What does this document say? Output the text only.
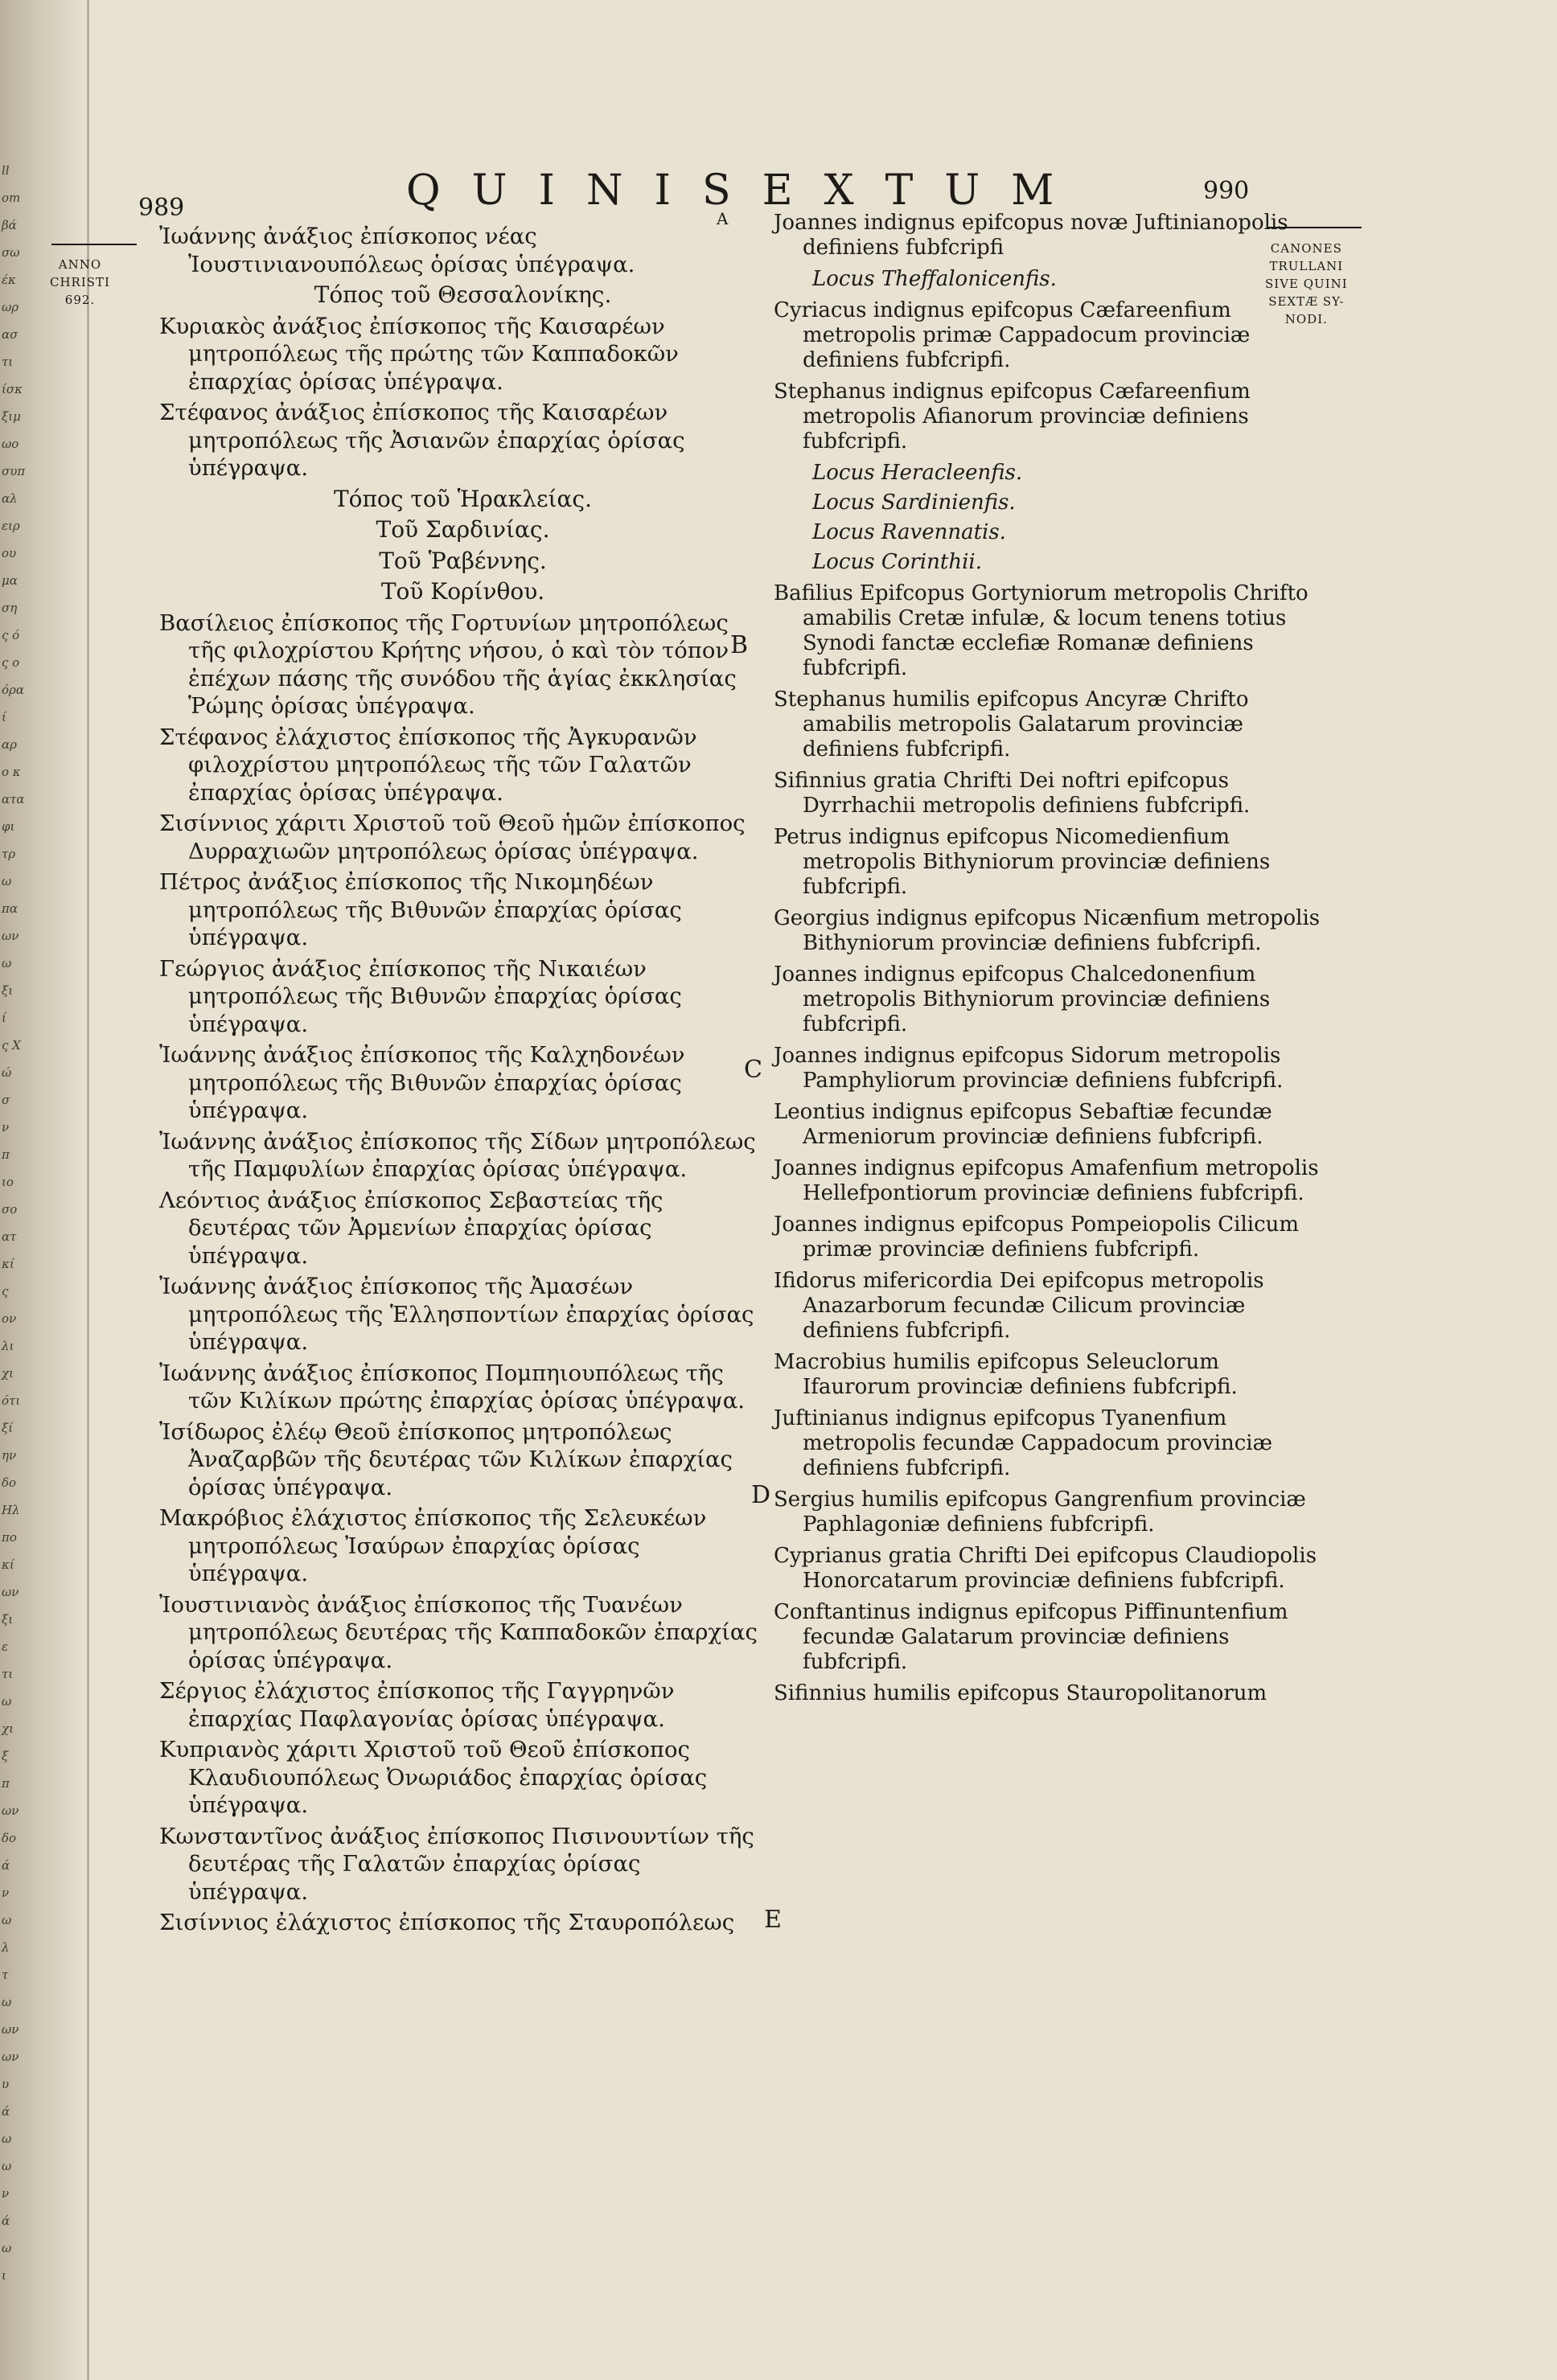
ll
om
βά
σω
έκ
ωρ
ασ
τι
ίσκ
ξιμ
ωο
συπ
αλ
ειρ
ου
μα
ση
ς ό
ς ο
όρα
ί
αρ
ο κ
ατα
φι
τρ
ω
πα
ων
ω
ξι
ί
ς Χ
ώ
σ
ν
π
ιο
σο
ατ
κί
ς
ον
λι
χι
ότι
ξί
ην
δο
Ηλ
πο
κί
ων
ξι
ε
τι
ω
χι
ξ
π
ων
δο
ά
ν
ω
λ
τ
ω
ων
ων
υ
ά
ω
ω
ν
ά
ω
ι
989	QUINISEXTUM	990
ANNO
CHRISTI
692.
CANONES
TRULLANI
SIVE QUINI
SEXTÆ SY-
NODI.
A
B
C
D
E

Ἰωάννης ἀνάξιος ἐπίσκοπος νέας Ἰουστινιανουπόλεως ὁρίσας ὑπέγραψα.

Τόπος τοῦ Θεσσαλονίκης.

Κυριακὸς ἀνάξιος ἐπίσκοπος τῆς Καισαρέων μητροπόλεως τῆς πρώτης τῶν Καππαδοκῶν ἐπαρχίας ὁρίσας ὑπέγραψα.

Στέφανος ἀνάξιος ἐπίσκοπος τῆς Καισαρέων μητροπόλεως τῆς Ἀσιανῶν ἐπαρχίας ὁρίσας ὑπέγραψα.

Τόπος τοῦ Ἡρακλείας.

Τοῦ Σαρδινίας.

Τοῦ Ῥαβέννης.

Τοῦ Κορίνθου.

Βασίλειος ἐπίσκοπος τῆς Γορτυνίων μητροπόλεως τῆς φιλοχρίστου Κρήτης νήσου, ὁ καὶ τὸν τόπον ἐπέχων πάσης τῆς συνόδου τῆς ἁγίας ἐκκλησίας Ῥώμης ὁρίσας ὑπέγραψα.

Στέφανος ἐλάχιστος ἐπίσκοπος τῆς Ἀγκυρανῶν φιλοχρίστου μητροπόλεως τῆς τῶν Γαλατῶν ἐπαρχίας ὁρίσας ὑπέγραψα.

Σισίννιος χάριτι Χριστοῦ τοῦ Θεοῦ ἡμῶν ἐπίσκοπος Δυρραχιωῶν μητροπόλεως ὁρίσας ὑπέγραψα.

Πέτρος ἀνάξιος ἐπίσκοπος τῆς Νικομηδέων μητροπόλεως τῆς Βιθυνῶν ἐπαρχίας ὁρίσας ὑπέγραψα.

Γεώργιος ἀνάξιος ἐπίσκοπος τῆς Νικαιέων μητροπόλεως τῆς Βιθυνῶν ἐπαρχίας ὁρίσας ὑπέγραψα.

Ἰωάννης ἀνάξιος ἐπίσκοπος τῆς Καλχηδονέων μητροπόλεως τῆς Βιθυνῶν ἐπαρχίας ὁρίσας ὑπέγραψα.

Ἰωάννης ἀνάξιος ἐπίσκοπος τῆς Σίδων μητροπόλεως τῆς Παμφυλίων ἐπαρχίας ὁρίσας ὑπέγραψα.

Λεόντιος ἀνάξιος ἐπίσκοπος Σεβαστείας τῆς δευτέρας τῶν Ἀρμενίων ἐπαρχίας ὁρίσας ὑπέγραψα.

Ἰωάννης ἀνάξιος ἐπίσκοπος τῆς Ἀμασέων μητροπόλεως τῆς Ἑλλησποντίων ἐπαρχίας ὁρίσας ὑπέγραψα.

Ἰωάννης ἀνάξιος ἐπίσκοπος Πομπηιουπόλεως τῆς τῶν Κιλίκων πρώτης ἐπαρχίας ὁρίσας ὑπέγραψα.

Ἰσίδωρος ἐλέῳ Θεοῦ ἐπίσκοπος μητροπόλεως Ἀναζαρβῶν τῆς δευτέρας τῶν Κιλίκων ἐπαρχίας ὁρίσας ὑπέγραψα.

Μακρόβιος ἐλάχιστος ἐπίσκοπος τῆς Σελευκέων μητροπόλεως Ἰσαύρων ἐπαρχίας ὁρίσας ὑπέγραψα.

Ἰουστινιανὸς ἀνάξιος ἐπίσκοπος τῆς Τυανέων μητροπόλεως δευτέρας τῆς Καππαδοκῶν ἐπαρχίας ὁρίσας ὑπέγραψα.

Σέργιος ἐλάχιστος ἐπίσκοπος τῆς Γαγγρηνῶν ἐπαρχίας Παφλαγονίας ὁρίσας ὑπέγραψα.

Κυπριανὸς χάριτι Χριστοῦ τοῦ Θεοῦ ἐπίσκοπος Κλαυδιουπόλεως Ὀνωριάδος ἐπαρχίας ὁρίσας ὑπέγραψα.

Κωνσταντῖνος ἀνάξιος ἐπίσκοπος Πισινουντίων τῆς δευτέρας τῆς Γαλατῶν ἐπαρχίας ὁρίσας ὑπέγραψα.

Σισίννιος ἐλάχιστος ἐπίσκοπος τῆς Σταυροπόλεως

Joannes indignus epifcopus novæ Juftinianopolis definiens fubfcripfi

Locus Theffalonicenfis.

Cyriacus indignus epifcopus Cæfareenfium metropolis primæ Cappadocum provinciæ definiens fubfcripfi.

Stephanus indignus epifcopus Cæfareenfium metropolis Afianorum provinciæ definiens fubfcripfi.

Locus Heracleenfis.

Locus Sardinienfis.

Locus Ravennatis.

Locus Corinthii.

Bafilius Epifcopus Gortyniorum metropolis Chrifto amabilis Cretæ infulæ, & locum tenens totius Synodi fanctæ ecclefiæ Romanæ definiens fubfcripfi.

Stephanus humilis epifcopus Ancyræ Chrifto amabilis metropolis Galatarum provinciæ definiens fubfcripfi.

Sifinnius gratia Chrifti Dei noftri epifcopus Dyrrhachii metropolis definiens fubfcripfi.

Petrus indignus epifcopus Nicomedienfium metropolis Bithyniorum provinciæ definiens fubfcripfi.

Georgius indignus epifcopus Nicænfium metropolis Bithyniorum provinciæ definiens fubfcripfi.

Joannes indignus epifcopus Chalcedonenfium metropolis Bithyniorum provinciæ definiens fubfcripfi.

Joannes indignus epifcopus Sidorum metropolis Pamphyliorum provinciæ definiens fubfcripfi.

Leontius indignus epifcopus Sebaftiæ fecundæ Armeniorum provinciæ definiens fubfcripfi.

Joannes indignus epifcopus Amafenfium metropolis Hellefpontiorum provinciæ definiens fubfcripfi.

Joannes indignus epifcopus Pompeiopolis Cilicum primæ provinciæ definiens fubfcripfi.

Ifidorus mifericordia Dei epifcopus metropolis Anazarborum fecundæ Cilicum provinciæ definiens fubfcripfi.

Macrobius humilis epifcopus Seleuclorum Ifaurorum provinciæ definiens fubfcripfi.

Juftinianus indignus epifcopus Tyanenfium metropolis fecundæ Cappadocum provinciæ definiens fubfcripfi.

Sergius humilis epifcopus Gangrenfium provinciæ Paphlagoniæ definiens fubfcripfi.

Cyprianus gratia Chrifti Dei epifcopus Claudiopolis Honorcatarum provinciæ definiens fubfcripfi.

Conftantinus indignus epifcopus Piffinuntenfium fecundæ Galatarum provinciæ definiens fubfcripfi.

Sifinnius humilis epifcopus Stauropolitanorum
